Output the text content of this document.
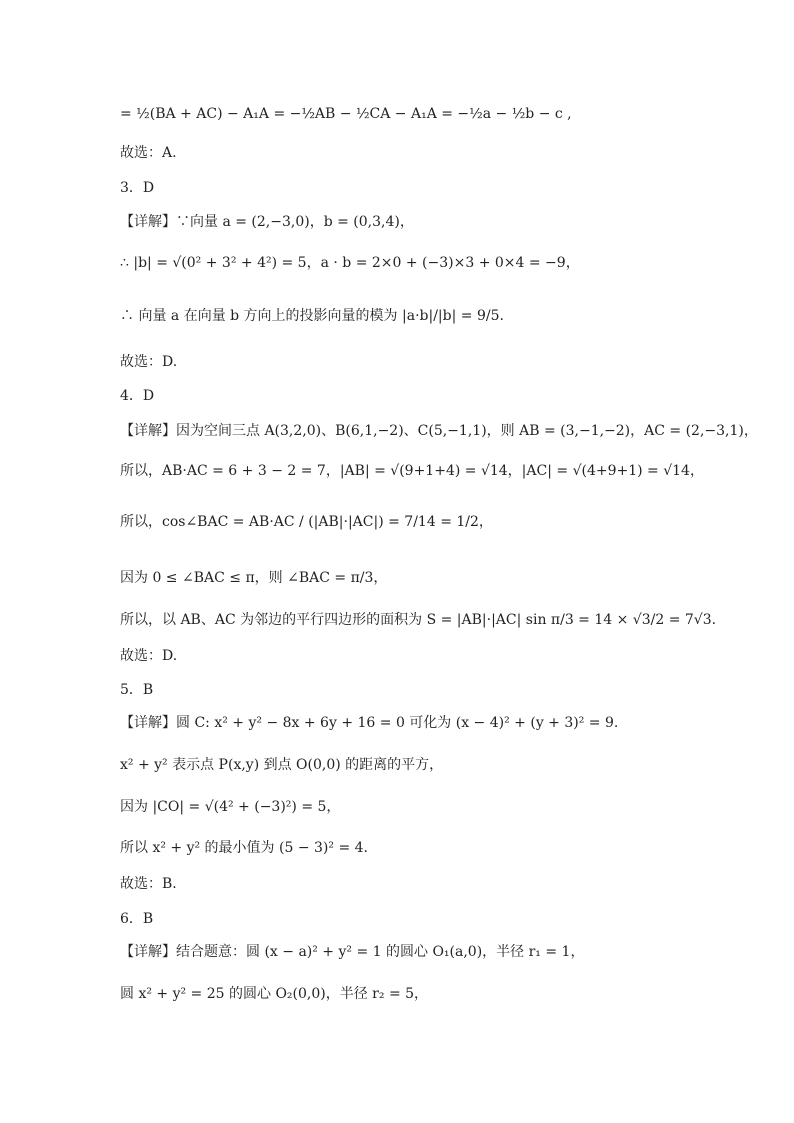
= ½(BA + AC) − A₁A = −½AB − ½CA − A₁A = −½a − ½b − c ,
故选：A.
3．D
【详解】∵向量 a = (2,−3,0)，b = (0,3,4)，
∴ |b| = √(0² + 3² + 4²) = 5，a · b = 2×0 + (−3)×3 + 0×4 = −9，
∴ 向量 a 在向量 b 方向上的投影向量的模为 |a·b|/|b| = 9/5.
故选：D.
4．D
【详解】因为空间三点 A(3,2,0)、B(6,1,−2)、C(5,−1,1)，则 AB = (3,−1,−2)，AC = (2,−3,1)，
所以，AB·AC = 6 + 3 − 2 = 7，|AB| = √(9+1+4) = √14，|AC| = √(4+9+1) = √14，
所以，cos∠BAC = AB·AC / (|AB|·|AC|) = 7/14 = 1/2，
因为 0 ≤ ∠BAC ≤ π，则 ∠BAC = π/3，
所以，以 AB、AC 为邻边的平行四边形的面积为 S = |AB|·|AC| sin π/3 = 14 × √3/2 = 7√3.
故选：D.
5．B
【详解】圆 C: x² + y² − 8x + 6y + 16 = 0 可化为 (x − 4)² + (y + 3)² = 9.
x² + y² 表示点 P(x,y) 到点 O(0,0) 的距离的平方，
因为 |CO| = √(4² + (−3)²) = 5，
所以 x² + y² 的最小值为 (5 − 3)² = 4.
故选：B.
6．B
【详解】结合题意：圆 (x − a)² + y² = 1 的圆心 O₁(a,0)，半径 r₁ = 1，
圆 x² + y² = 25 的圆心 O₂(0,0)，半径 r₂ = 5，
